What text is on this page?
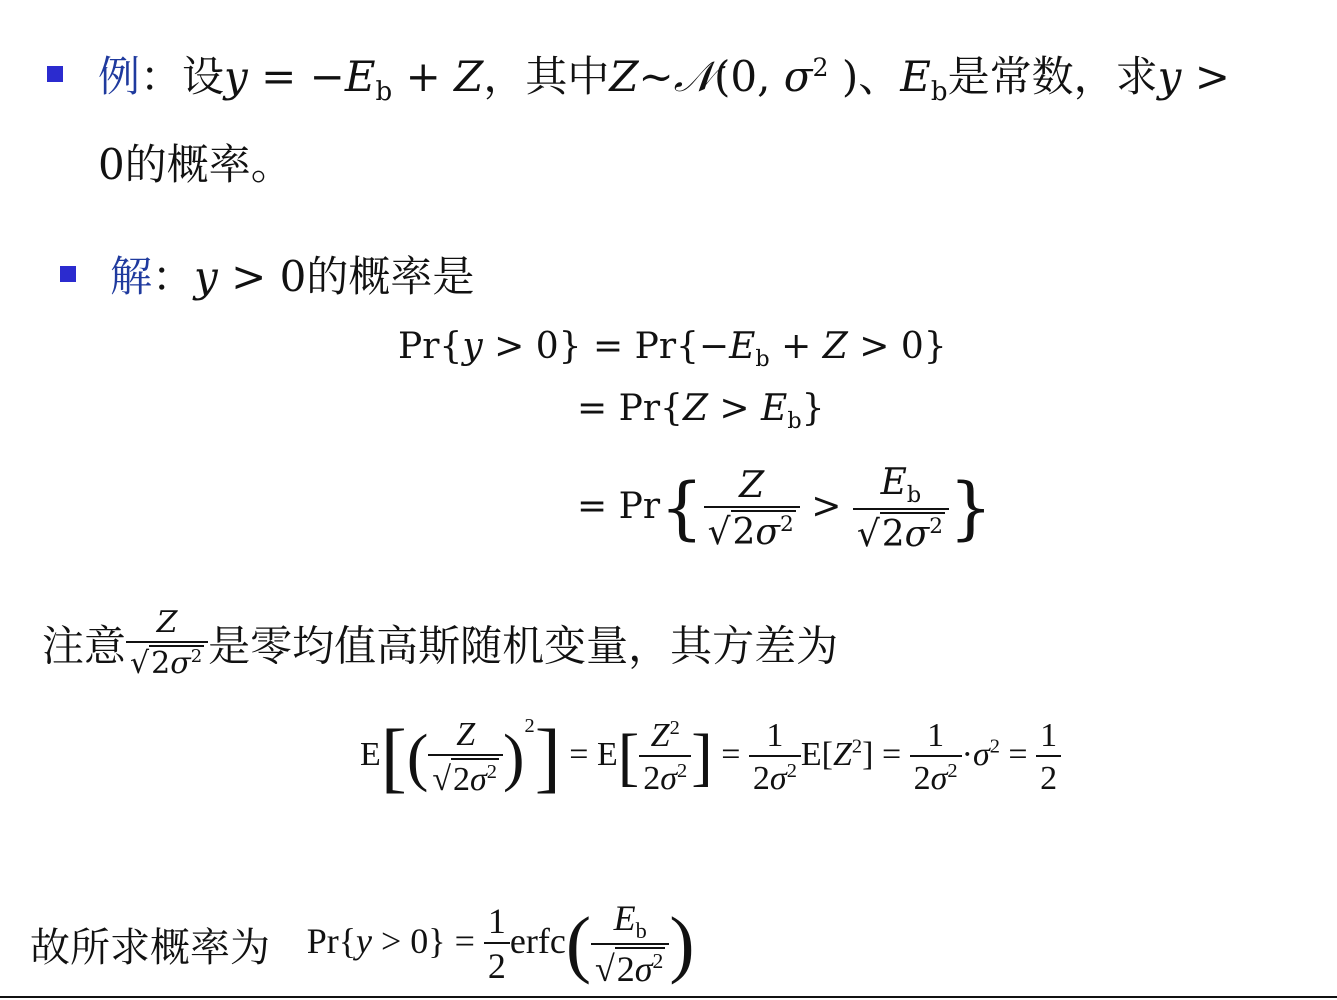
例：设$y = -E_b + Z$，其中Z∼𝒩(0, $\sigma^2$ )、$E_b$是常数，求y >
0的概率。
解：y > 0的概率是
$Pr\{y > 0\} = Pr\{-E_b + Z > 0\}$
= $Pr\{Z > E_b\}$
= $Pr\{ \frac{Z}{√ 2\sigma^2} > \frac{E_b}{√ 2\sigma^2}$ }
注意 $\frac{Z}{√ 2\sigma^2}$ 是零均值高斯随机变量，其方差为
$E[( \frac{Z}{√ 2\sigma^2} )^2] = E[ \frac{Z^2}{2\sigma^2}$ ] = $\frac{1}{2\sigma^2} E[Z^2] = \frac{1}{2\sigma^2} \cdot\sigma^2 = \frac{1}{2}$
故所求概率为 $Pr\{y > 0\} = \frac{1}{2}$ erfc( $\frac{E_b}{√ 2\sigma^2}$ )
